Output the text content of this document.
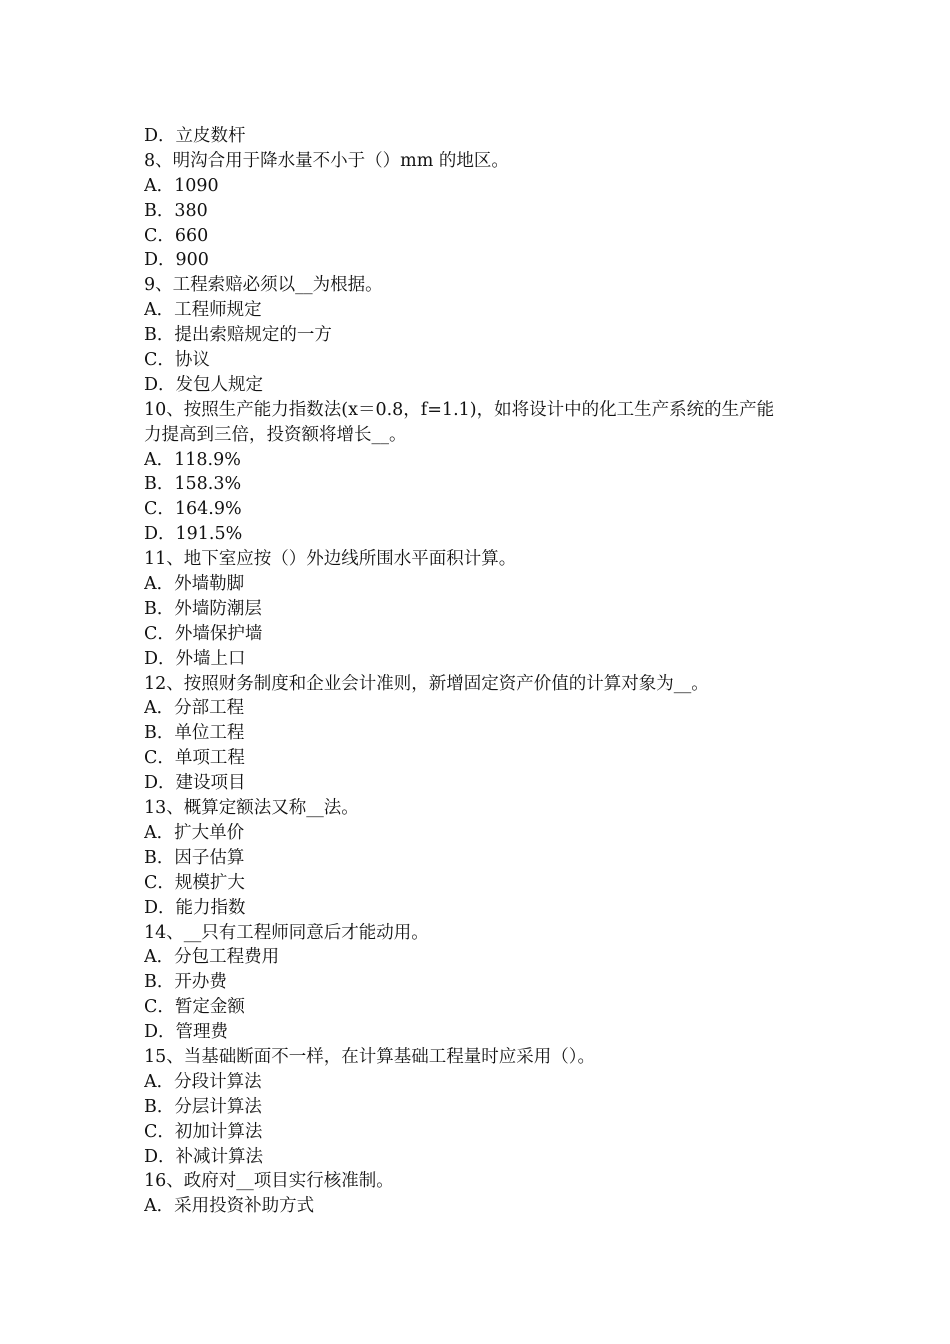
D．立皮数杆
8、明沟合用于降水量不小于（）mm 的地区。
A．1090
B．380
C．660
D．900
9、工程索赔必须以__为根据。
A．工程师规定
B．提出索赔规定的一方
C．协议
D．发包人规定
10、按照生产能力指数法(x＝0.8，f=1.1)，如将设计中的化工生产系统的生产能
力提高到三倍，投资额将增长__。
A．118.9%
B．158.3%
C．164.9%
D．191.5%
11、地下室应按（）外边线所围水平面积计算。
A．外墙勒脚
B．外墙防潮层
C．外墙保护墙
D．外墙上口
12、按照财务制度和企业会计准则，新增固定资产价值的计算对象为__。
A．分部工程
B．单位工程
C．单项工程
D．建设项目
13、概算定额法又称__法。
A．扩大单价
B．因子估算
C．规模扩大
D．能力指数
14、__只有工程师同意后才能动用。
A．分包工程费用
B．开办费
C．暂定金额
D．管理费
15、当基础断面不一样，在计算基础工程量时应采用（）。
A．分段计算法
B．分层计算法
C．初加计算法
D．补减计算法
16、政府对__项目实行核准制。
A．采用投资补助方式
